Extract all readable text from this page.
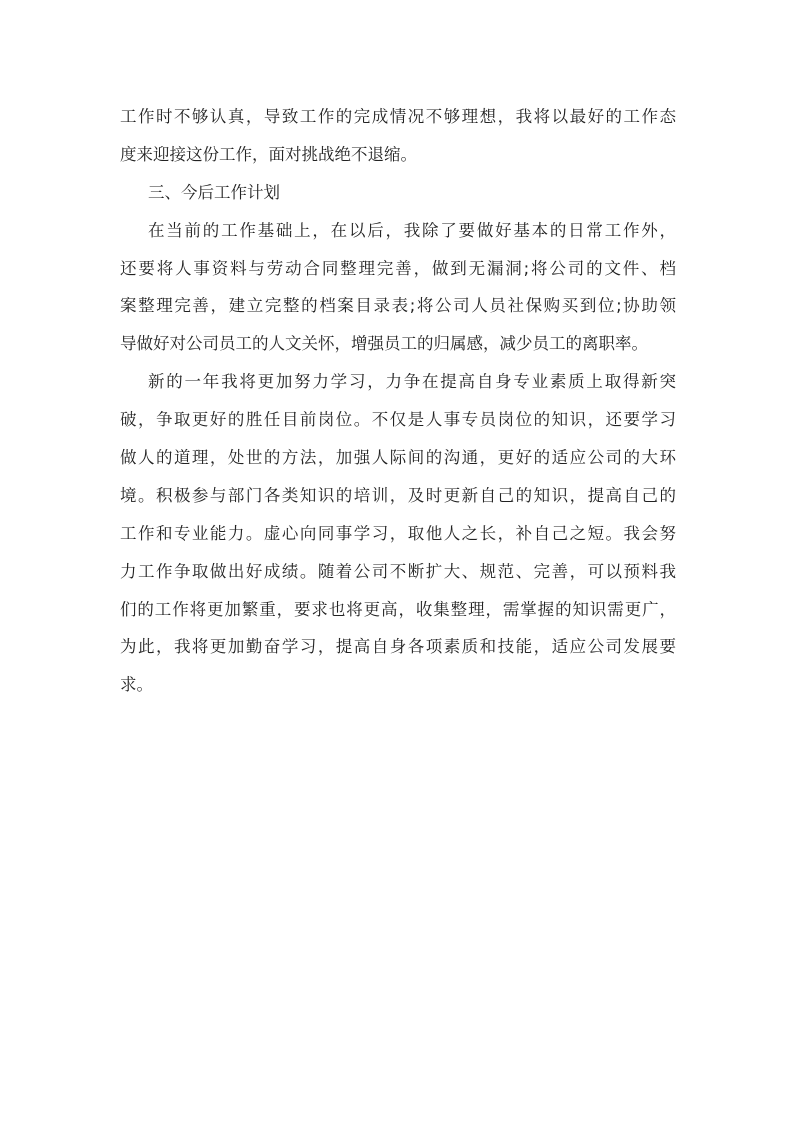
工作时不够认真，导致工作的完成情况不够理想，我将以最好的工作态
度来迎接这份工作，面对挑战绝不退缩。
三、今后工作计划
在当前的工作基础上，在以后，我除了要做好基本的日常工作外，
还要将人事资料与劳动合同整理完善，做到无漏洞;将公司的文件、档
案整理完善，建立完整的档案目录表;将公司人员社保购买到位;协助领
导做好对公司员工的人文关怀，增强员工的归属感，减少员工的离职率。
新的一年我将更加努力学习，力争在提高自身专业素质上取得新突
破，争取更好的胜任目前岗位。不仅是人事专员岗位的知识，还要学习
做人的道理，处世的方法，加强人际间的沟通，更好的适应公司的大环
境。积极参与部门各类知识的培训，及时更新自己的知识，提高自己的
工作和专业能力。虚心向同事学习，取他人之长，补自己之短。我会努
力工作争取做出好成绩。随着公司不断扩大、规范、完善，可以预料我
们的工作将更加繁重，要求也将更高，收集整理，需掌握的知识需更广，
为此，我将更加勤奋学习，提高自身各项素质和技能，适应公司发展要
求。
